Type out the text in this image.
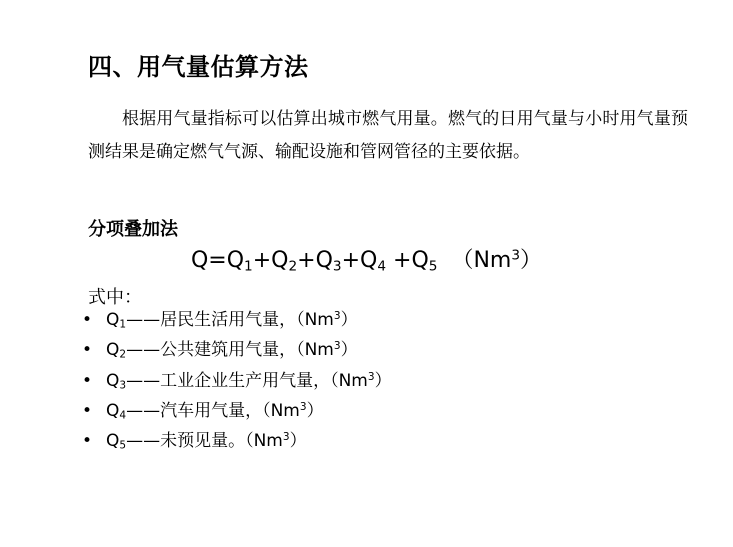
四、用气量估算方法
根据用气量指标可以估算出城市燃气用量。燃气的日用气量与小时用气量预测结果是确定燃气气源、输配设施和管网管径的主要依据。
分项叠加法
$Q=Q_1+Q_2+Q_3+Q_4 +Q_5$ （Nm$^3$）
式中：
• $Q_1——$居民生活用气量，（Nm$^3$）
• $Q_2——$公共建筑用气量，（Nm$^3$）
• $Q_3——$工业企业生产用气量，（Nm$^3$）
• $Q_4——$汽车用气量，（Nm$^3$）
• $Q_5——$未预见量。（Nm$^3$）
